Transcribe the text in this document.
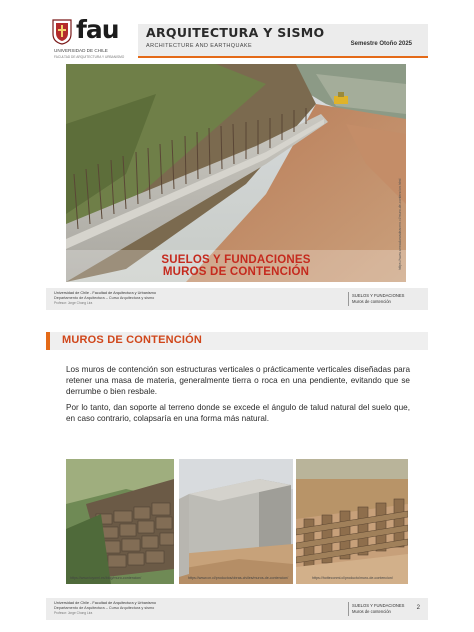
fau
UNIVERSIDAD DE CHILE
FACULTAD DE ARQUITECTURA Y URBANISMO
ARQUITECTURA Y SISMO
ARCHITECTURE AND EARTHQUAKE	Semestre Otoño 2025
SUELOS Y FUNDACIONES
MUROS DE CONTENCIÓN
https://www.armadurasdeacero.cl/muro-de-contencion.html
Universidad de Chile - Facultad de Arquitectura y Urbanismo
Departamento de Arquitectura – Curso Arquitectura y sismo
Profesor: Jorge Chong Lira
SUELOS Y FUNDACIONES
Muros de contención
MUROS DE CONTENCIÓN

Los muros de contención son estructuras verticales o prácticamente verticales diseñadas para retener una masa de materia, generalmente tierra o roca en una pendiente, evitando que se derrumbe o bien resbale.

Por lo tanto, dan soporte al terreno donde se excede el ángulo de talud natural del suelo que, en caso contrario, colapsaría en una forma más natural.

https://www.toyoml.es/blog/muro-contencion/	https://www.cn.cl/productos/obras-civiles/muros-de-contencion/	https://hotteconmi.cl/producto/muro-de-contencion/
Universidad de Chile - Facultad de Arquitectura y Urbanismo
Departamento de Arquitectura – Curso Arquitectura y sismo
Profesor: Jorge Chong Lira
SUELOS Y FUNDACIONES
Muros de contención
2
